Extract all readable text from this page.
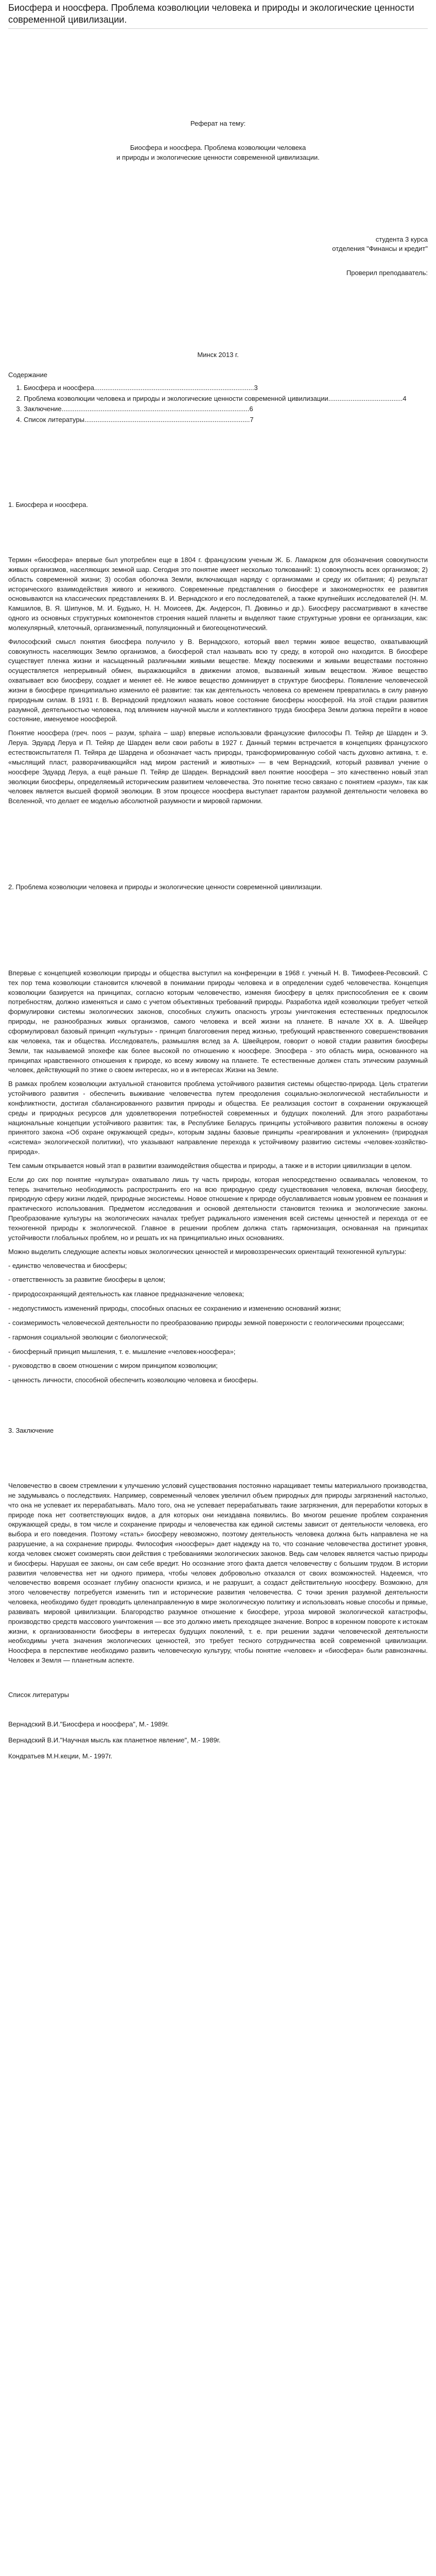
Биосфера и ноосфера. Проблема коэволюции человека и природы и экологические ценности современной цивилизации.
Реферат на тему:
Биосфера и ноосфера. Проблема коэволюции человека
и природы и экологические ценности современной цивилизации.
студента 3 курса
отделения "Финансы и кредит"
Проверил преподаватель:
Минск 2013 г.
Содержание
1. Биосфера и ноосфера......................................................................................3
2. Проблема коэволюции человека и природы и экологические ценности современной цивилизации........................................4
3. Заключение.....................................................................................................6
4. Список литературы.........................................................................................7
1. Биосфера и ноосфера.

Термин «биосфера» впервые был употреблен еще в 1804 г. французским ученым Ж. Б. Ламарком для обозначения совокупности живых организмов, населяющих земной шар. Сегодня это понятие имеет несколько толкований: 1) совокупность всех организмов; 2) область современной жизни; 3) особая оболочка Земли, включающая наряду с организмами и среду их обитания; 4) результат исторического взаимодействия живого и неживого. Современные представления о биосфере и закономерностях ее развития основываются на классических представлениях В. И. Вернадского и его последователей, а также крупнейших исследователей (Н. М. Камшилов, В. Я. Шипунов, М. И. Будыко, Н. Н. Моисеев, Дж. Андерсон, П. Дювиньо и др.). Биосферу рассматривают в качестве одного из основных структурных компонентов строения нашей планеты и выделяют такие структурные уровни ее организации, как: молекулярный, клеточный, организменный, популяционный и биогеоценотический.

Философский смысл понятия биосфера получило у В. Вернадского, который ввел термин живое вещество, охватывающий совокупность населяющих Землю организмов, а биосферой стал называть всю ту среду, в которой оно находится. В биосфере существует пленка жизни и насыщенный различными живыми веществе. Между посвежими и живыми веществами постоянно осуществляется непрерывный обмен, выражающийся в движении атомов, вызванный живым веществом. Живое вещество охватывает всю биосферу, создает и меняет её. Не живое вещество доминирует в структуре биосферы. Появление человеческой жизни в биосфере принципиально изменило её развитие: так как деятельность человека со временем превратилась в силу равную природным силам. В 1931 г. В. Вернадский предложил назвать новое состояние биосферы ноосферой. На этой стадии развития разумной, деятельностью человека, под влиянием научной мысли и коллективного труда биосфера Земли должна перейти в новое состояние, именуемое ноосферой.

Понятие ноосфера (греч. noos – разум, sphaira – шар) впервые использовали французские философы П. Тейяр де Шарден и Э. Леруа. Эдуард Леруа и П. Тейяр де Шарден вели свои работы в 1927 г. Данный термин встречается в концепциях французского естествоиспытателя П. Тейяра де Шардена и обозначает часть природы, трансформированную собой часть духовно активна, т. е. «мыслящий пласт, разворачивающийся над миром растений и животных» — в чем Вернадский, который развивал учение о ноосфере Эдуард Леруа, а ещё раньше П. Тейяр де Шарден. Вернадский ввел понятие ноосфера – это качественно новый этап эволюции биосферы, определяемый историческим развитием человечества. Это понятие тесно связано с понятием «разум», так как человек является высшей формой эволюции. В этом процессе ноосфера выступает гарантом разумной деятельности человека во Вселенной, что делает ее моделью абсолютной разумности и мировой гармонии.

2. Проблема коэволюции человека и природы и экологические ценности современной цивилизации.

Впервые с концепцией коэволюции природы и общества выступил на конференции в 1968 г. ученый Н. В. Тимофеев-Ресовский. С тех пор тема коэволюции становится ключевой в понимании природы человека и в определении судеб человечества. Концепция коэволюции базируется на принципах, согласно которым человечество, изменяя биосферу в целях приспособления ее к своим потребностям, должно изменяться и само с учетом объективных требований природы. Разработка идей коэволюции требует четкой формулировки системы экологических законов, способных служить опасность угрозы уничтожения естественных предпосылок природы, не разнообразных живых организмов, самого человека и всей жизни на планете. В начале XX в. А. Швейцер сформулировал базовый принцип «культуры» - принцип благоговения перед жизнью, требующий нравственного совершенствования как человека, так и общества. Исследователь, размышляя вслед за А. Швейцером, говорит о новой стадии развития биосферы Земли, так называемой эпохефе как более высокой по отношению к ноосфере. Эпосфера - это область мира, основанного на принципах нравственного отношения к природе, ко всему живому на планете. Те естественные должен стать этическим разумный человек, действующий по этике о своем интересах, но и в интересах Жизни на Земле.

В рамках проблем коэволюции актуальной становится проблема устойчивого развития системы общество-природа. Цель стратегии устойчивого развития - обеспечить выживание человечества путем преодоления социально-экологической нестабильности и конфликтности, достигая сбалансированного развития природы и общества. Ее реализация состоит в сохранении окружающей среды и природных ресурсов для удовлетворения потребностей современных и будущих поколений. Для этого разработаны национальные концепции устойчивого развития: так, в Республике Беларусь принципы устойчивого развития положены в основу принятого закона «Об охране окружающей среды», которым заданы базовые принципы «реагирования и уклонения» (природная «система» экологической политики), что указывают направление перехода к устойчивому развитию системы «человек-хозяйство-природа».

Тем самым открывается новый этап в развитии взаимодействия общества и природы, а также и в истории цивилизации в целом.

Если до сих пор понятие «культура» охватывало лишь ту часть природы, которая непосредственно осваивалась человеком, то теперь значительно необходимость распространить его на всю природную среду существования человека, включая биосферу, природную сферу жизни людей, природные экосистемы. Новое отношение к природе обуславливается новым уровнем ее познания и практического использования. Предметом исследования и основой деятельности становится техника и экологические законы. Преобразование культуры на экологических началах требует радикального изменения всей системы ценностей и перехода от ее техногенной природы к экологической. Главное в решении проблем должна стать гармонизация, основанная на принципах устойчивости глобальных проблем, но и решать их на принципиально иных основаниях.

Можно выделить следующие аспекты новых экологических ценностей и мировоззренческих ориентаций техногенной культуры:

- единство человечества и биосферы;
- ответственность за развитие биосферы в целом;
- природосохранящий деятельность как главное предназначение человека;
- недопустимость изменений природы, способных опасных ее сохранению и изменению оснований жизни;
- соизмеримость человеческой деятельности по преобразованию природы земной поверхности с геологическими процессами;
- гармония социальной эволюции с биологической;
- биосферный принцип мышления, т. е. мышление «человек-ноосфера»;
- руководство в своем отношении с миром принципом коэволюции;
- ценность личности, способной обеспечить коэволюцию человека и биосферы.
3. Заключение

Человечество в своем стремлении к улучшению условий существования постоянно наращивает темпы материального производства, не задумываясь о последствиях. Например, современный человек увеличил объем природных для природы загрязнений настолько, что она не успевает их перерабатывать. Мало того, она не успевает перерабатывать такие загрязнения, для переработки которых в природе пока нет соответствующих видов, а для которых они неиздавна появились. Во многом решение проблем сохранения окружающей среды, в том числе и сохранение природы и человечества как единой системы зависит от деятельности человека, его выбора и его поведения. Поэтому «стать» биосферу невозможно, поэтому деятельность человека должна быть направлена не на разрушение, а на сохранение природы. Философия «ноосферы» дает надежду на то, что сознание человечества достигнет уровня, когда человек сможет соизмерять свои действия с требованиями экологических законов. Ведь сам человек является частью природы и биосферы. Нарушая ее законы, он сам себе вредит. Но осознание этого факта дается человечеству с большим трудом. В истории развития человечества нет ни одного примера, чтобы человек добровольно отказался от своих возможностей. Надеемся, что человечество вовремя осознает глубину опасности кризиса, и не разрушит, а создаст действительную ноосферу. Возможно, для этого человечеству потребуется изменить тип и исторические развития человечества. С точки зрения разумной деятельности человека, необходимо будет проводить целенаправленную в мире экологическую политику и использовать новые способы и прямые, развивать мировой цивилизации. Благородство разумное отношение к биосфере, угроза мировой экологической катастрофы, производство средств массового уничтожения — все это должно иметь преходящее значение. Вопрос в коренном повороте к истокам жизни, к организованности биосферы в интересах будущих поколений, т. е. при решении задачи человеческой деятельности необходимы учета значения экологических ценностей, это требует тесного сотрудничества всей современной цивилизации. Ноосфера в перспективе необходимо развить человеческую культуру, чтобы понятие «человек» и «биосфера» были равнозначны. Человек и Земля — планетным аспекте.

Список литературы
Вернадский В.И."Биосфера и ноосфера", М.- 1989г.
Вернадский В.И."Научная мысль как планетное явление", М.- 1989г.
Кондратьев М.Н.кеции, М.- 1997г.
